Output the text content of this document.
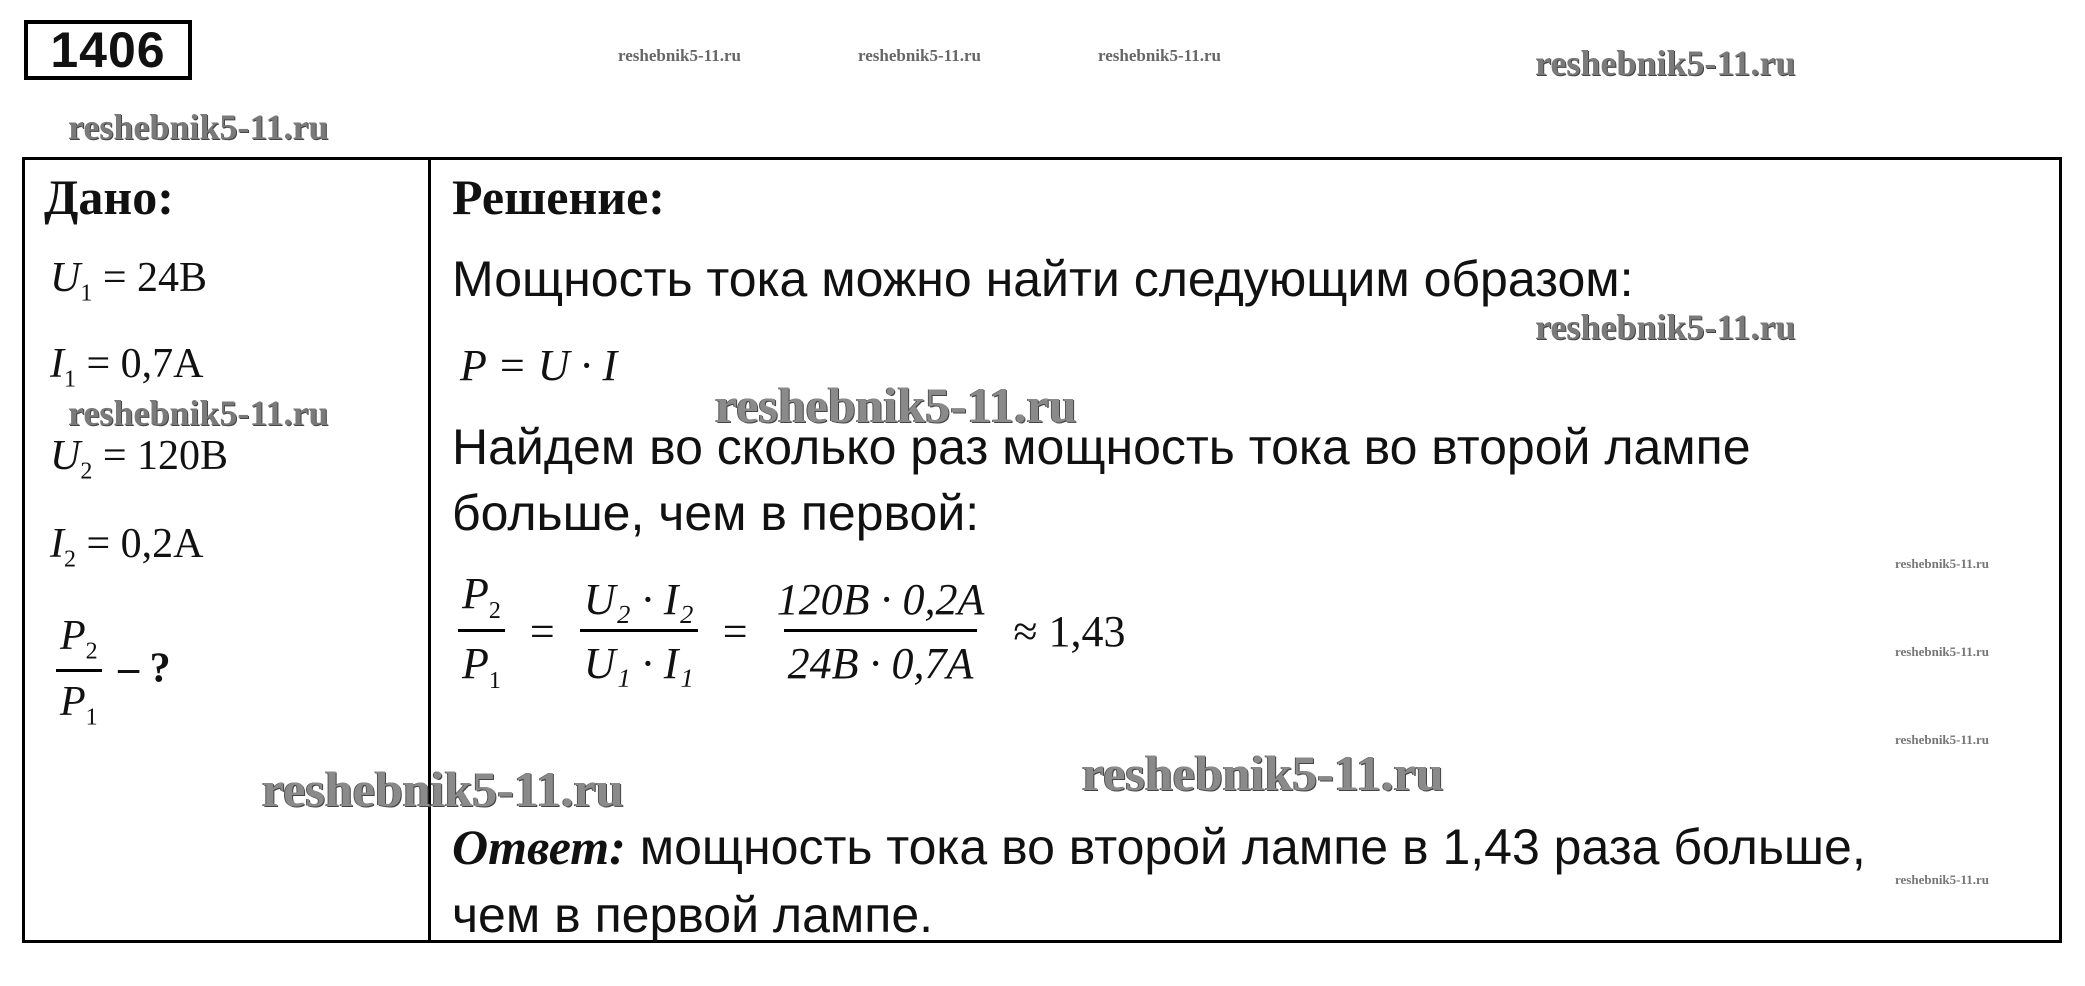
1406	reshebnik5-11.ru	reshebnik5-11.ru	reshebnik5-11.ru	reshebnik5-11.ru
reshebnik5-11.ru
Дано:
$U_1 = 24B$
$I_1 = 0,7A$
reshebnik5-11.ru
$U_2 = 120B$
$I_2 = 0,2A$
$\frac{P_2}{P_1}$ – ?
Решение:
Мощность тока можно найти следующим образом:
reshebnik5-11.ru
P = U · I
reshebnik5-11.ru
Найдем во сколько раз мощность тока во второй лампе
больше, чем в первой:
reshebnik5-11.ru
$\frac{P_2}{P_1} = \frac{\text{U₂ · I₂}}{\text{U₁ · I₁}} = \frac{120B \cdot 0,2A}{24B \cdot 0,7A} \approx 1,43$	reshebnik5-11.ru
reshebnik5-11.ru
reshebnik5-11.ru	reshebnik5-11.ru
Ответ: мощность тока во второй лампе в 1,43 раза больше,
reshebnik5-11.ru
чем в первой лампе.
